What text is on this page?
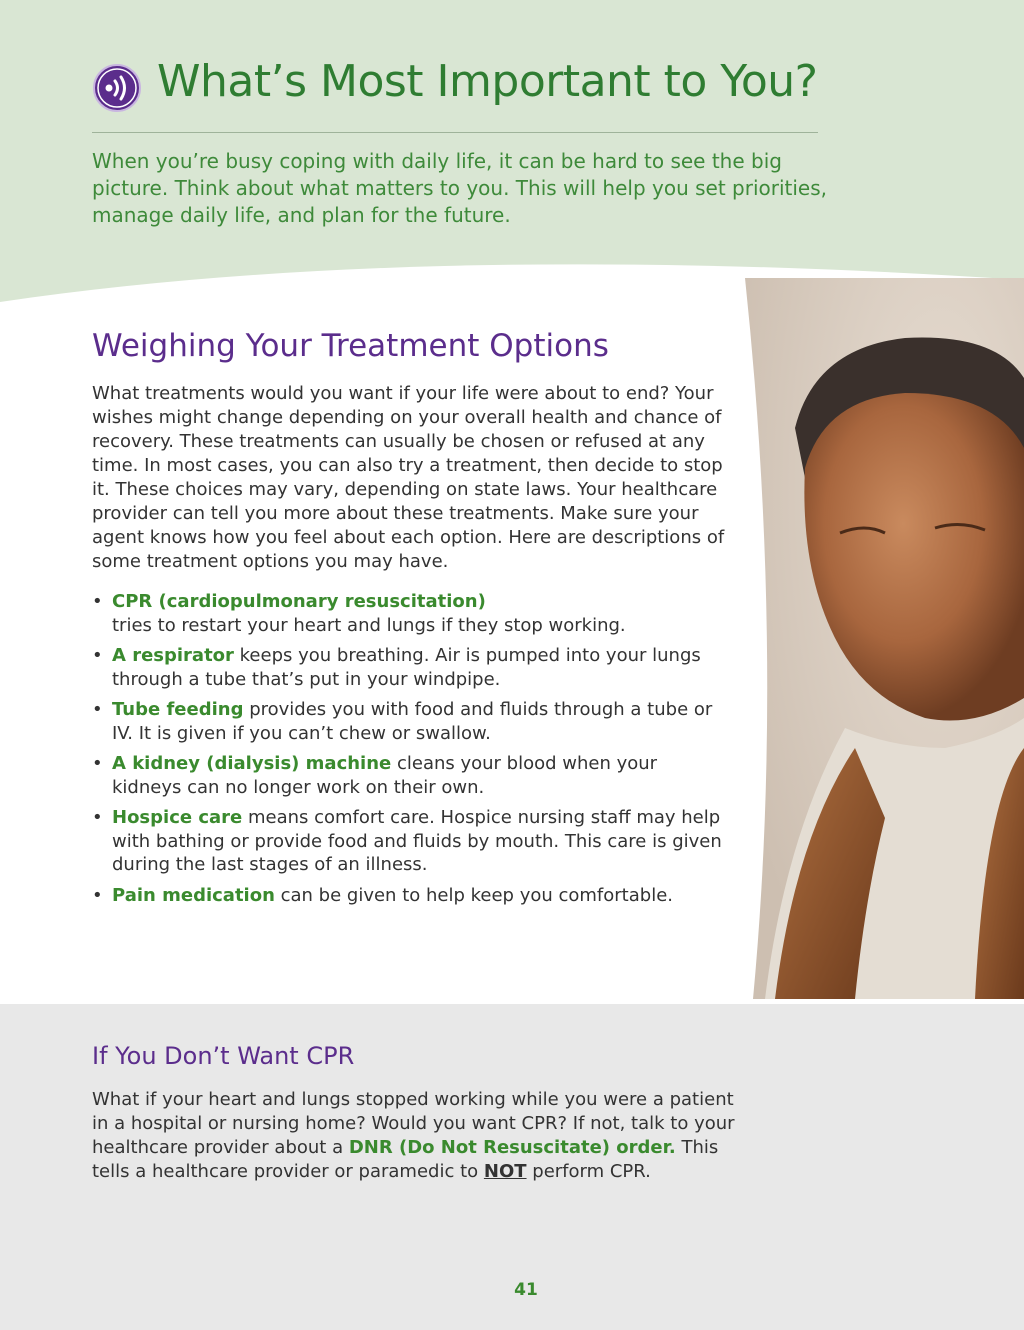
What’s Most Important to You?

When you’re busy coping with daily life, it can be hard to see the big picture. Think about what matters to you. This will help you set priorities, manage daily life, and plan for the future.

Weighing Your Treatment Options

What treatments would you want if your life were about to end? Your wishes might change depending on your overall health and chance of recovery. These treatments can usually be chosen or refused at any time. In most cases, you can also try a treatment, then decide to stop it. These choices may vary, depending on state laws. Your healthcare provider can tell you more about these treatments. Make sure your agent knows how you feel about each option. Here are descriptions of some treatment options you may have.

• CPR (cardiopulmonary resuscitation)
tries to restart your heart and lungs if they stop working.
• A respirator keeps you breathing. Air is pumped into your lungs through a tube that’s put in your windpipe.
• Tube feeding provides you with food and fluids through a tube or IV. It is given if you can’t chew or swallow.
• A kidney (dialysis) machine cleans your blood when your kidneys can no longer work on their own.
• Hospice care means comfort care. Hospice nursing staff may help with bathing or provide food and fluids by mouth. This care is given during the last stages of an illness.
• Pain medication can be given to help keep you comfortable.
If You Don’t Want CPR

What if your heart and lungs stopped working while you were a patient in a hospital or nursing home? Would you want CPR? If not, talk to your healthcare provider about a DNR (Do Not Resuscitate) order. This tells a healthcare provider or paramedic to NOT perform CPR.

41
